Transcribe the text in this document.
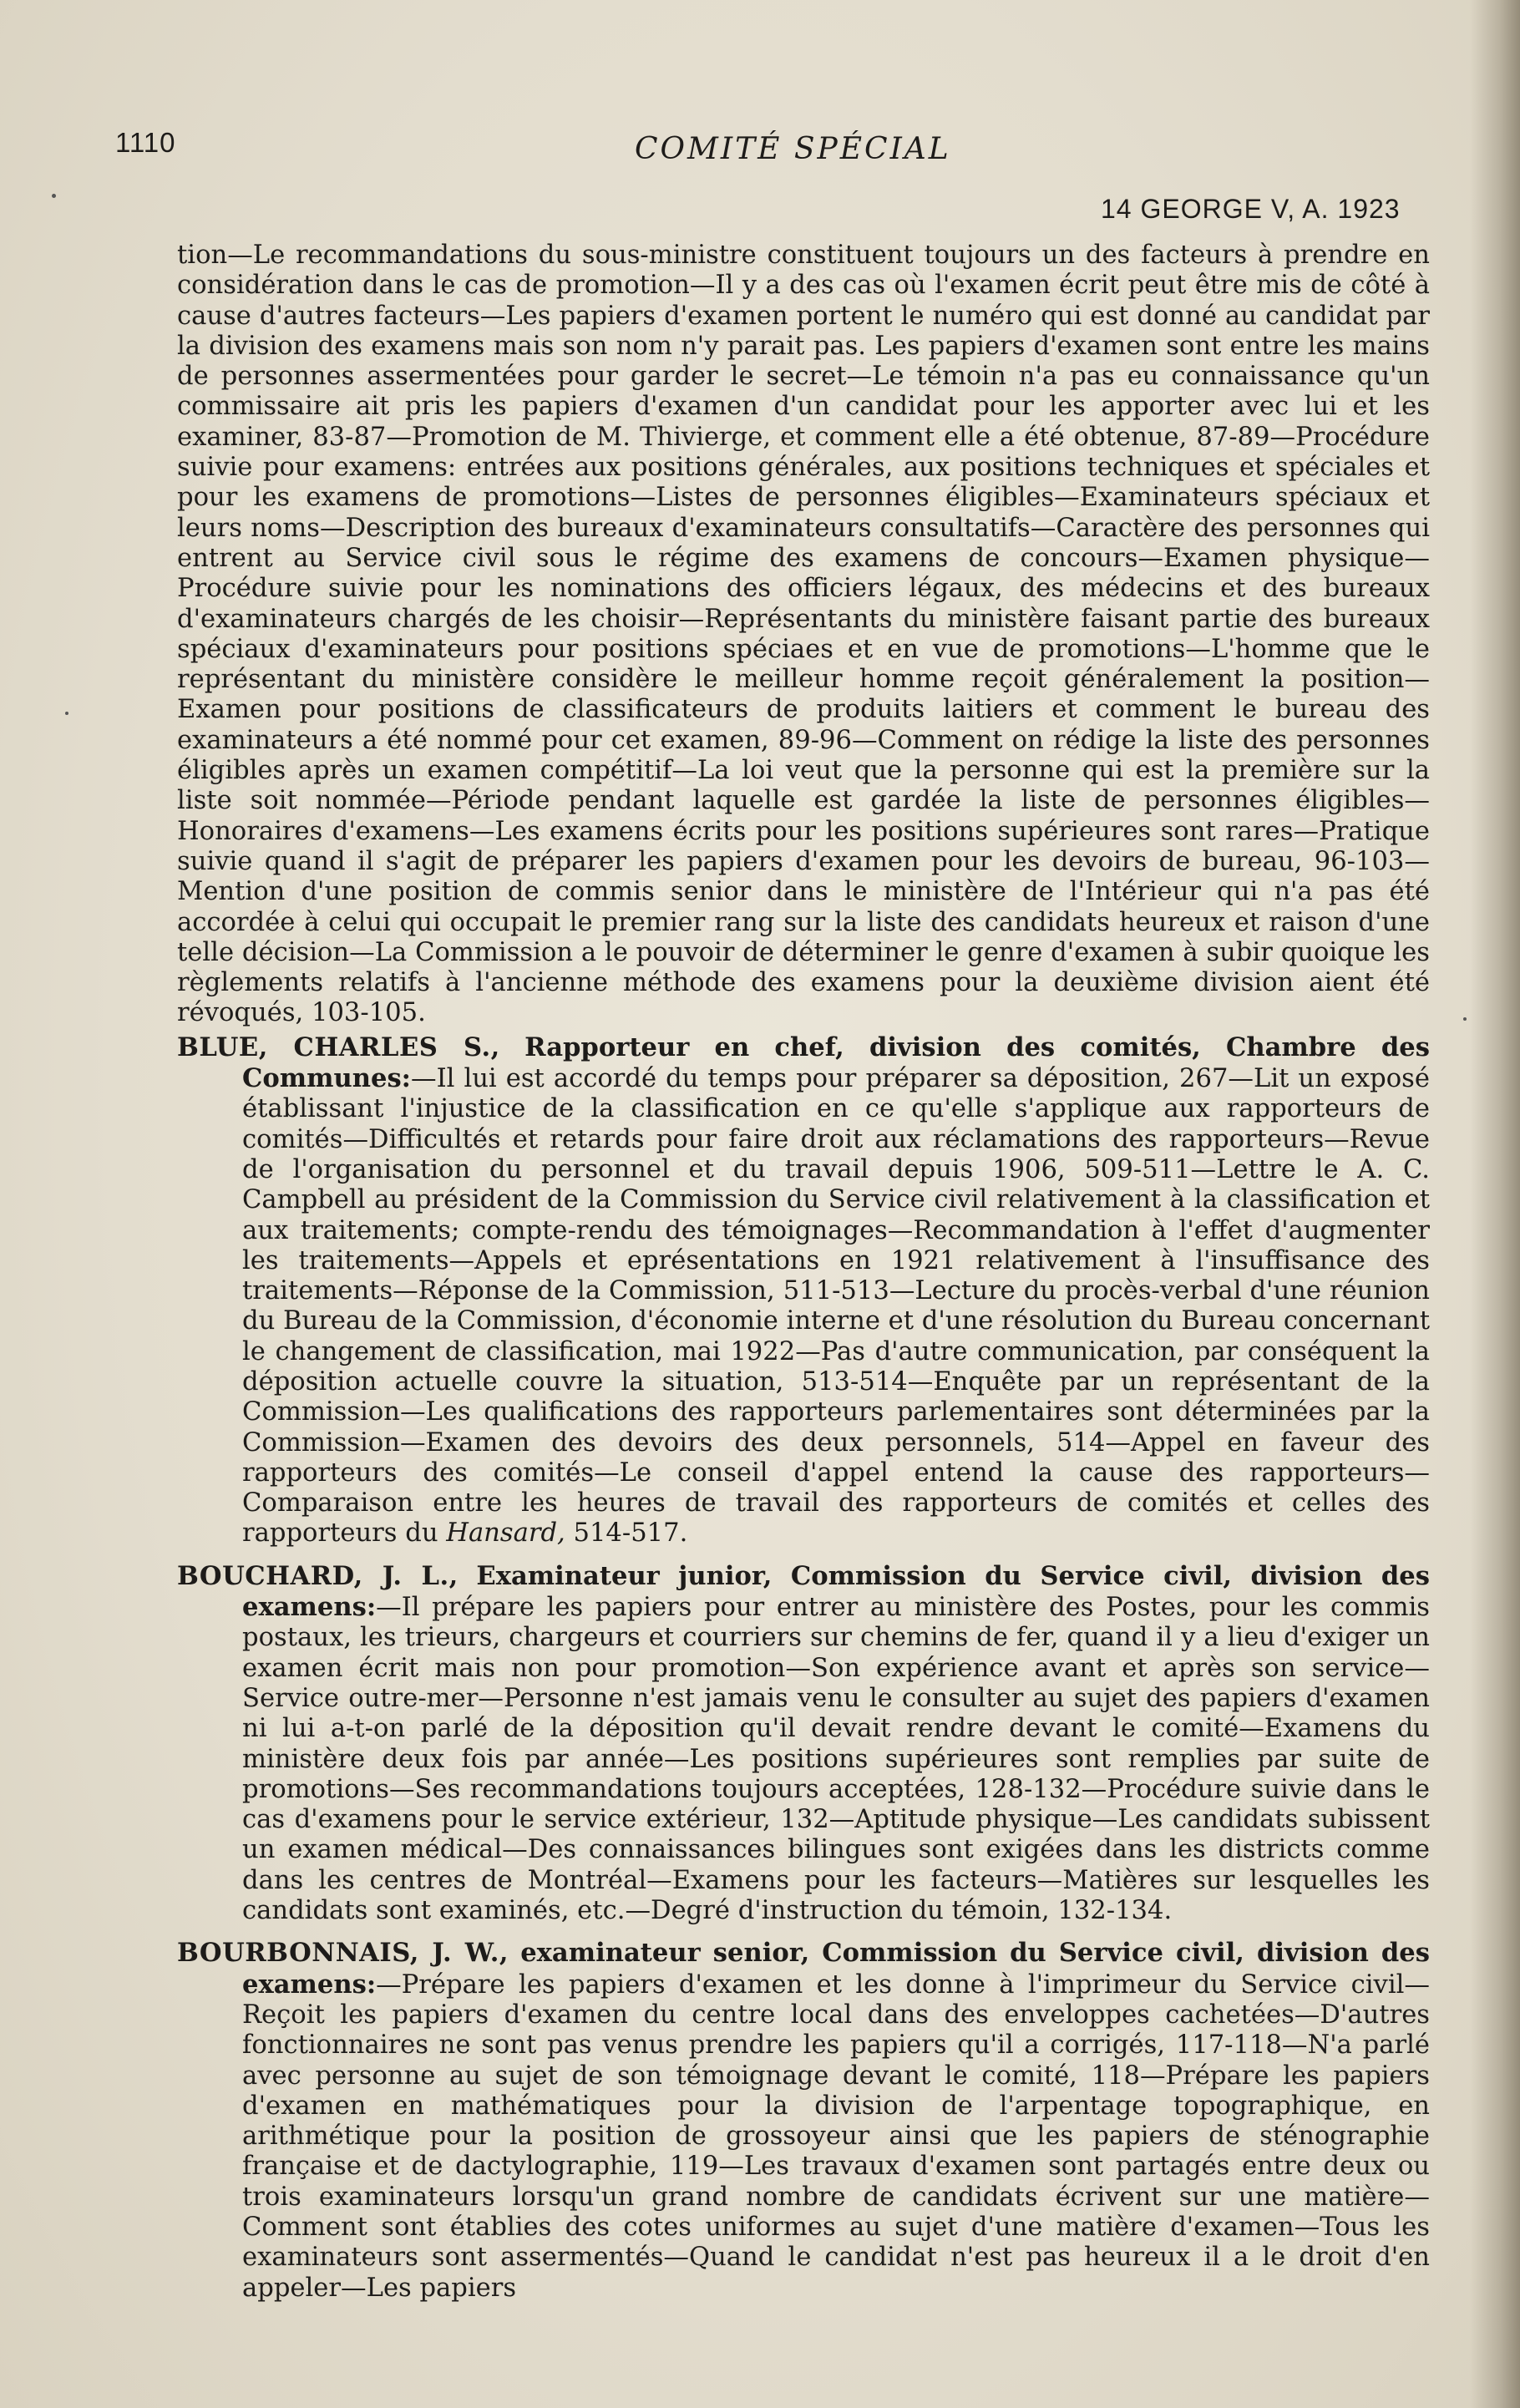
1110	COMITÉ SPÉCIAL
14 GEORGE V, A. 1923

tion—Le recommandations du sous-ministre constituent toujours un des facteurs à prendre en considération dans le cas de promotion—Il y a des cas où l'examen écrit peut être mis de côté à cause d'autres facteurs—Les papiers d'examen portent le numéro qui est donné au candidat par la division des examens mais son nom n'y parait pas. Les papiers d'examen sont entre les mains de personnes assermentées pour garder le secret—Le témoin n'a pas eu connaissance qu'un commissaire ait pris les papiers d'examen d'un candidat pour les apporter avec lui et les examiner, 83-87—Promotion de M. Thivierge, et comment elle a été obtenue, 87-89—Procédure suivie pour examens: entrées aux positions générales, aux positions techniques et spéciales et pour les examens de promotions—Listes de personnes éligibles—Examinateurs spéciaux et leurs noms—Description des bureaux d'examinateurs consultatifs—Caractère des personnes qui entrent au Service civil sous le régime des examens de concours—Examen physique—Procédure suivie pour les nominations des officiers légaux, des médecins et des bureaux d'examinateurs chargés de les choisir—Représentants du ministère faisant partie des bureaux spéciaux d'examinateurs pour positions spéciaes et en vue de promotions—L'homme que le représentant du ministère considère le meilleur homme reçoit généralement la position—Examen pour positions de classificateurs de produits laitiers et comment le bureau des examinateurs a été nommé pour cet examen, 89-96—Comment on rédige la liste des personnes éligibles après un examen compétitif—La loi veut que la personne qui est la première sur la liste soit nommée—Période pendant laquelle est gardée la liste de personnes éligibles—Honoraires d'examens—Les examens écrits pour les positions supérieures sont rares—Pratique suivie quand il s'agit de préparer les papiers d'examen pour les devoirs de bureau, 96-103—Mention d'une position de commis senior dans le ministère de l'Intérieur qui n'a pas été accordée à celui qui occupait le premier rang sur la liste des candidats heureux et raison d'une telle décision—La Commission a le pouvoir de déterminer le genre d'examen à subir quoique les règlements relatifs à l'ancienne méthode des examens pour la deuxième division aient été révoqués, 103-105.

BLUE, CHARLES S., Rapporteur en chef, division des comités, Chambre des Communes:—Il lui est accordé du temps pour préparer sa déposition, 267—Lit un exposé établissant l'injustice de la classification en ce qu'elle s'applique aux rapporteurs de comités—Difficultés et retards pour faire droit aux réclamations des rapporteurs—Revue de l'organisation du personnel et du travail depuis 1906, 509-511—Lettre le A. C. Campbell au président de la Commission du Service civil relativement à la classification et aux traitements; compte-rendu des témoignages—Recommandation à l'effet d'augmenter les traitements—Appels et eprésentations en 1921 relativement à l'insuffisance des traitements—Réponse de la Commission, 511-513—Lecture du procès-verbal d'une réunion du Bureau de la Commission, d'économie interne et d'une résolution du Bureau concernant le changement de classification, mai 1922—Pas d'autre communication, par conséquent la déposition actuelle couvre la situation, 513-514—Enquête par un représentant de la Commission—Les qualifications des rapporteurs parlementaires sont déterminées par la Commission—Examen des devoirs des deux personnels, 514—Appel en faveur des rapporteurs des comités—Le conseil d'appel entend la cause des rapporteurs—Comparaison entre les heures de travail des rapporteurs de comités et celles des rapporteurs du Hansard, 514-517.

BOUCHARD, J. L., Examinateur junior, Commission du Service civil, division des examens:—Il prépare les papiers pour entrer au ministère des Postes, pour les commis postaux, les trieurs, chargeurs et courriers sur chemins de fer, quand il y a lieu d'exiger un examen écrit mais non pour promotion—Son expérience avant et après son service—Service outre-mer—Personne n'est jamais venu le consulter au sujet des papiers d'examen ni lui a-t-on parlé de la déposition qu'il devait rendre devant le comité—Examens du ministère deux fois par année—Les positions supérieures sont remplies par suite de promotions—Ses recommandations toujours acceptées, 128-132—Procédure suivie dans le cas d'examens pour le service extérieur, 132—Aptitude physique—Les candidats subissent un examen médical—Des connaissances bilingues sont exigées dans les districts comme dans les centres de Montréal—Examens pour les facteurs—Matières sur lesquelles les candidats sont examinés, etc.—Degré d'instruction du témoin, 132-134.

BOURBONNAIS, J. W., examinateur senior, Commission du Service civil, division des examens:—Prépare les papiers d'examen et les donne à l'imprimeur du Service civil—Reçoit les papiers d'examen du centre local dans des enveloppes cachetées—D'autres fonctionnaires ne sont pas venus prendre les papiers qu'il a corrigés, 117-118—N'a parlé avec personne au sujet de son témoignage devant le comité, 118—Prépare les papiers d'examen en mathématiques pour la division de l'arpentage topographique, en arithmétique pour la position de grossoyeur ainsi que les papiers de sténographie française et de dactylographie, 119—Les travaux d'examen sont partagés entre deux ou trois examinateurs lorsqu'un grand nombre de candidats écrivent sur une matière—Comment sont établies des cotes uniformes au sujet d'une matière d'examen—Tous les examinateurs sont assermentés—Quand le candidat n'est pas heureux il a le droit d'en appeler—Les papiers
